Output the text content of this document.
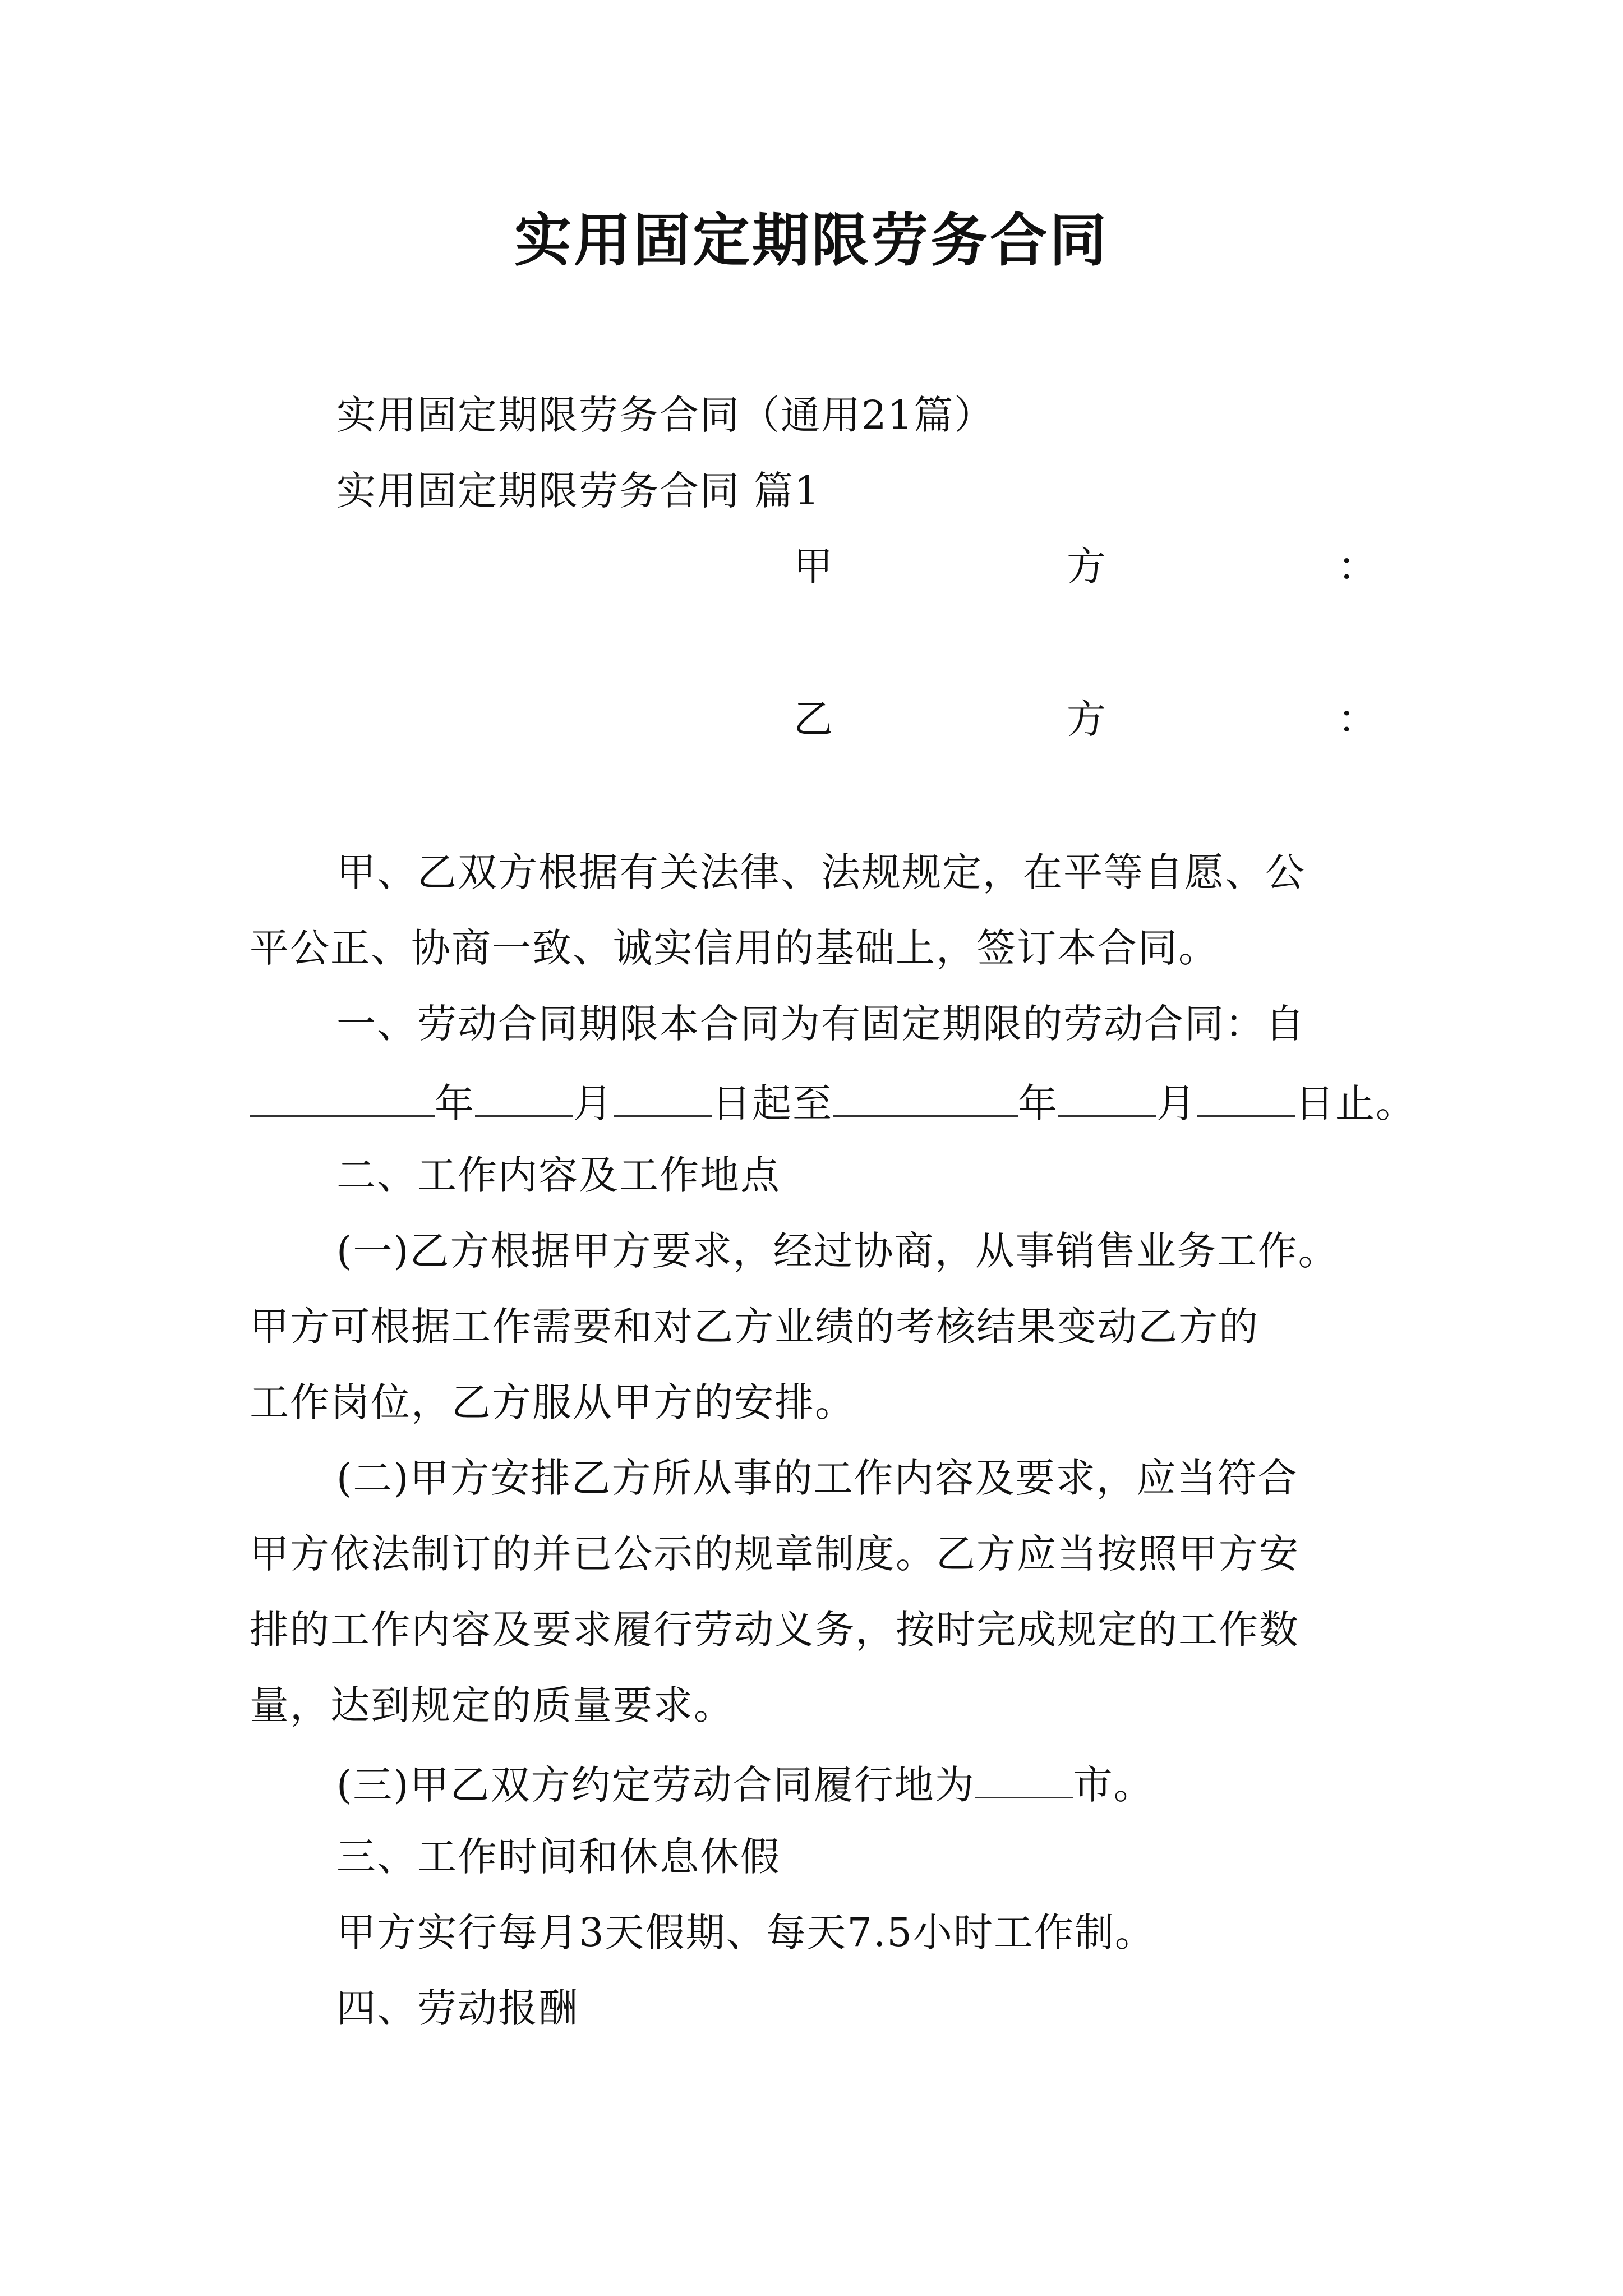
实用固定期限劳务合同
实用固定期限劳务合同（通用21篇）
实用固定期限劳务合同 篇1
甲	方	：
乙	方	：
甲、乙双方根据有关法律、法规规定，在平等自愿、公
平公正、协商一致、诚实信用的基础上，签订本合同。
一、劳动合同期限本合同为有固定期限的劳动合同：自
年	月	日起至	年	月	日止。
二、工作内容及工作地点
(一)乙方根据甲方要求，经过协商，从事销售业务工作。
甲方可根据工作需要和对乙方业绩的考核结果变动乙方的
工作岗位，乙方服从甲方的安排。
(二)甲方安排乙方所从事的工作内容及要求，应当符合
甲方依法制订的并已公示的规章制度。乙方应当按照甲方安
排的工作内容及要求履行劳动义务，按时完成规定的工作数
量，达到规定的质量要求。
(三)甲乙双方约定劳动合同履行地为	市。
三、工作时间和休息休假
甲方实行每月3天假期、每天7.5小时工作制。
四、劳动报酬
